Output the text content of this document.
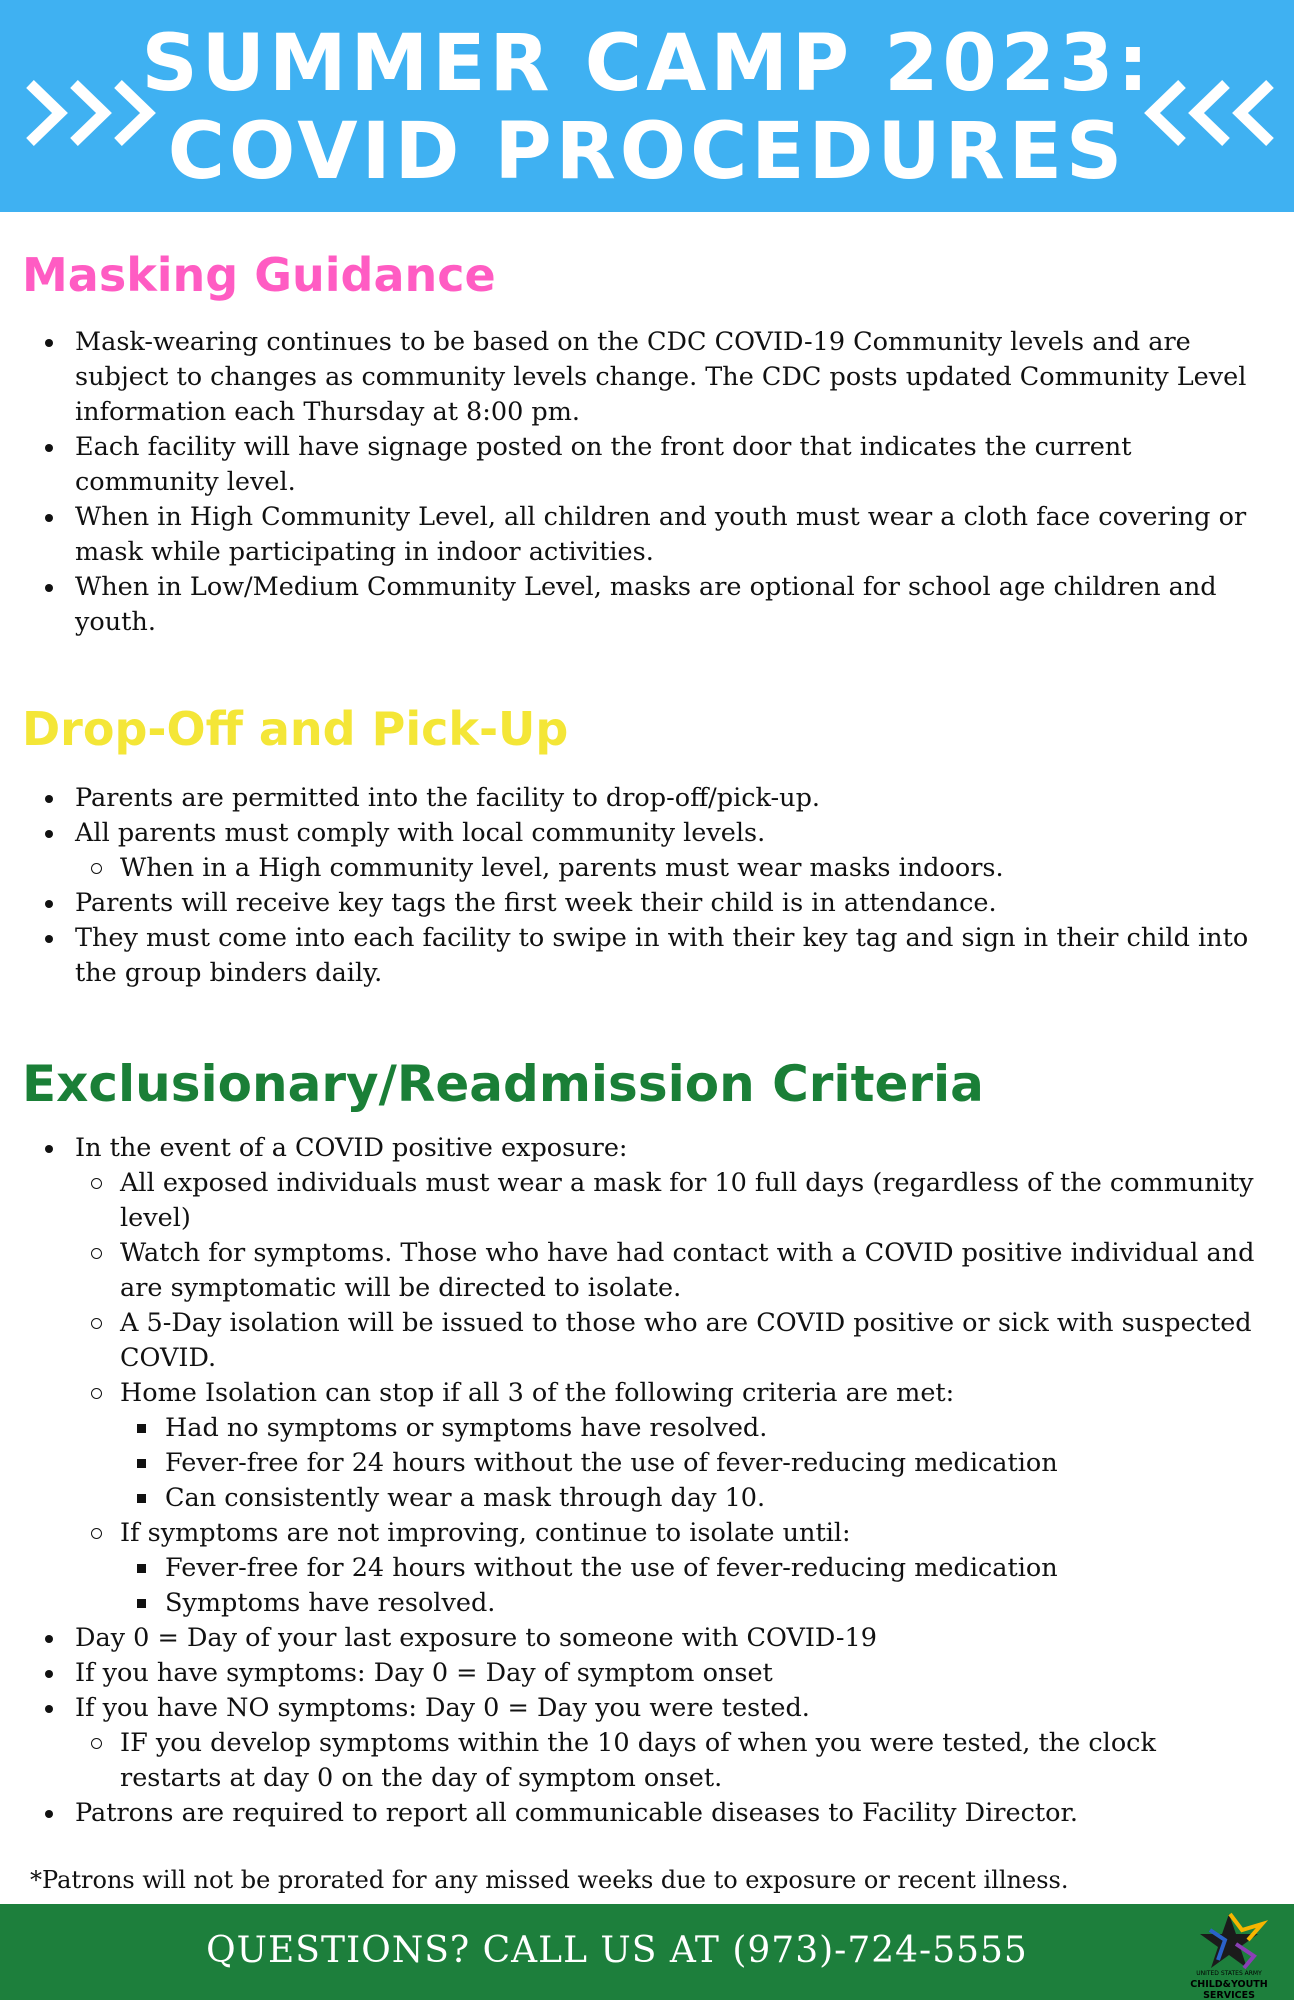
SUMMER CAMP 2023:
COVID PROCEDURES
Masking Guidance
Mask-wearing continues to be based on the CDC COVID-19 Community levels and are subject to changes as community levels change. The CDC posts updated Community Level information each Thursday at 8:00 pm.
Each facility will have signage posted on the front door that indicates the current community level.
When in High Community Level, all children and youth must wear a cloth face covering or mask while participating in indoor activities.
When in Low/Medium Community Level, masks are optional for school age children and youth.
Drop-Off and Pick-Up
Parents are permitted into the facility to drop-off/pick-up.
All parents must comply with local community levels.
When in a High community level, parents must wear masks indoors.
Parents will receive key tags the first week their child is in attendance.
They must come into each facility to swipe in with their key tag and sign in their child into the group binders daily.
Exclusionary/Readmission Criteria
In the event of a COVID positive exposure:
All exposed individuals must wear a mask for 10 full days (regardless of the community level)
Watch for symptoms. Those who have had contact with a COVID positive individual and are symptomatic will be directed to isolate.
A 5-Day isolation will be issued to those who are COVID positive or sick with suspected COVID.
Home Isolation can stop if all 3 of the following criteria are met:
Had no symptoms or symptoms have resolved.
Fever-free for 24 hours without the use of fever-reducing medication
Can consistently wear a mask through day 10.
If symptoms are not improving, continue to isolate until:
Fever-free for 24 hours without the use of fever-reducing medication
Symptoms have resolved.
Day 0 = Day of your last exposure to someone with COVID-19
If you have symptoms: Day 0 = Day of symptom onset
If you have NO symptoms: Day 0 = Day you were tested.
IF you develop symptoms within the 10 days of when you were tested, the clock restarts at day 0 on the day of symptom onset.
Patrons are required to report all communicable diseases to Facility Director.
*Patrons will not be prorated for any missed weeks due to exposure or recent illness.
QUESTIONS? CALL US AT (973)-724-5555
UNITED STATES ARMY
CHILD&YOUTH SERVICES
